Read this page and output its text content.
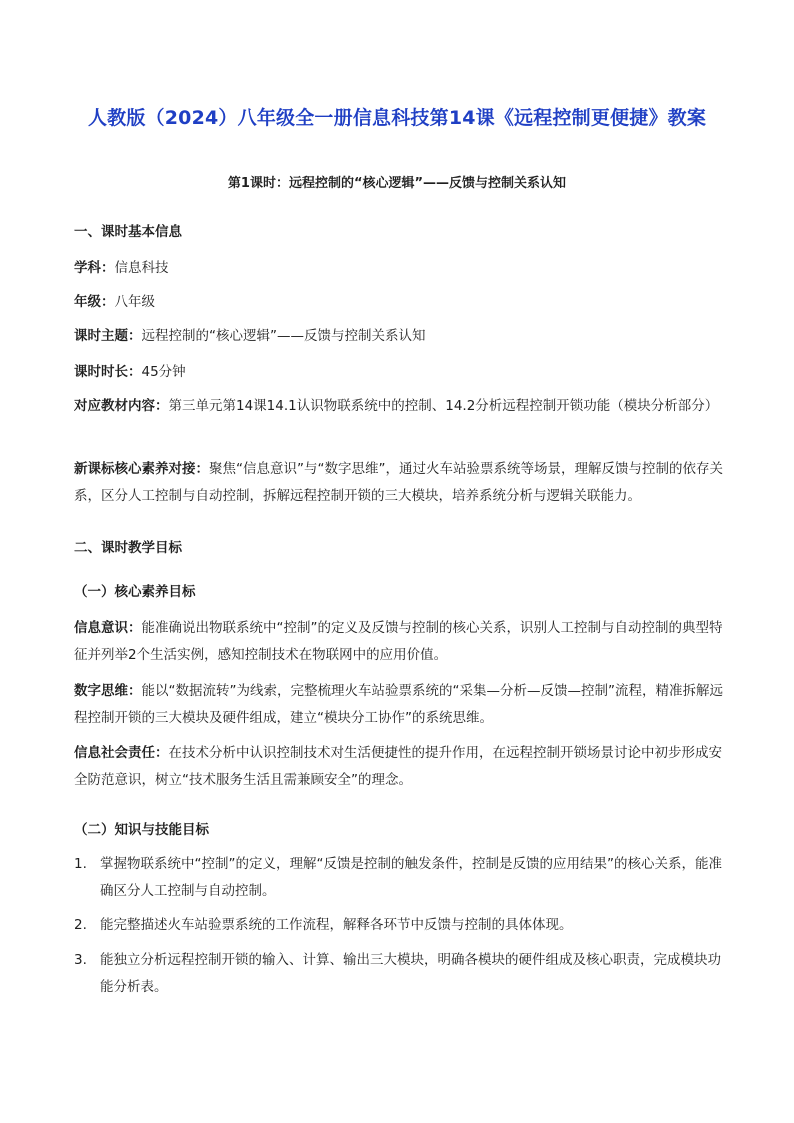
人教版（2024）八年级全一册信息科技第14课《远程控制更便捷》教案
第1课时：远程控制的“核心逻辑”——反馈与控制关系认知
一、课时基本信息
学科：信息科技
年级：八年级
课时主题：远程控制的“核心逻辑”——反馈与控制关系认知
课时时长：45分钟
对应教材内容：第三单元第14课14.1认识物联系统中的控制、14.2分析远程控制开锁功能（模块分析部分）
新课标核心素养对接：聚焦“信息意识”与“数字思维”，通过火车站验票系统等场景，理解反馈与控制的依存关系，区分人工控制与自动控制，拆解远程控制开锁的三大模块，培养系统分析与逻辑关联能力。
二、课时教学目标
（一）核心素养目标
信息意识：能准确说出物联系统中“控制”的定义及反馈与控制的核心关系，识别人工控制与自动控制的典型特征并列举2个生活实例，感知控制技术在物联网中的应用价值。
数字思维：能以“数据流转”为线索，完整梳理火车站验票系统的“采集—分析—反馈—控制”流程，精准拆解远程控制开锁的三大模块及硬件组成，建立“模块分工协作”的系统思维。
信息社会责任：在技术分析中认识控制技术对生活便捷性的提升作用，在远程控制开锁场景讨论中初步形成安全防范意识，树立“技术服务生活且需兼顾安全”的理念。
（二）知识与技能目标
1. 掌握物联系统中“控制”的定义，理解“反馈是控制的触发条件，控制是反馈的应用结果”的核心关系，能准确区分人工控制与自动控制。
2. 能完整描述火车站验票系统的工作流程，解释各环节中反馈与控制的具体体现。
3. 能独立分析远程控制开锁的输入、计算、输出三大模块，明确各模块的硬件组成及核心职责，完成模块功能分析表。
